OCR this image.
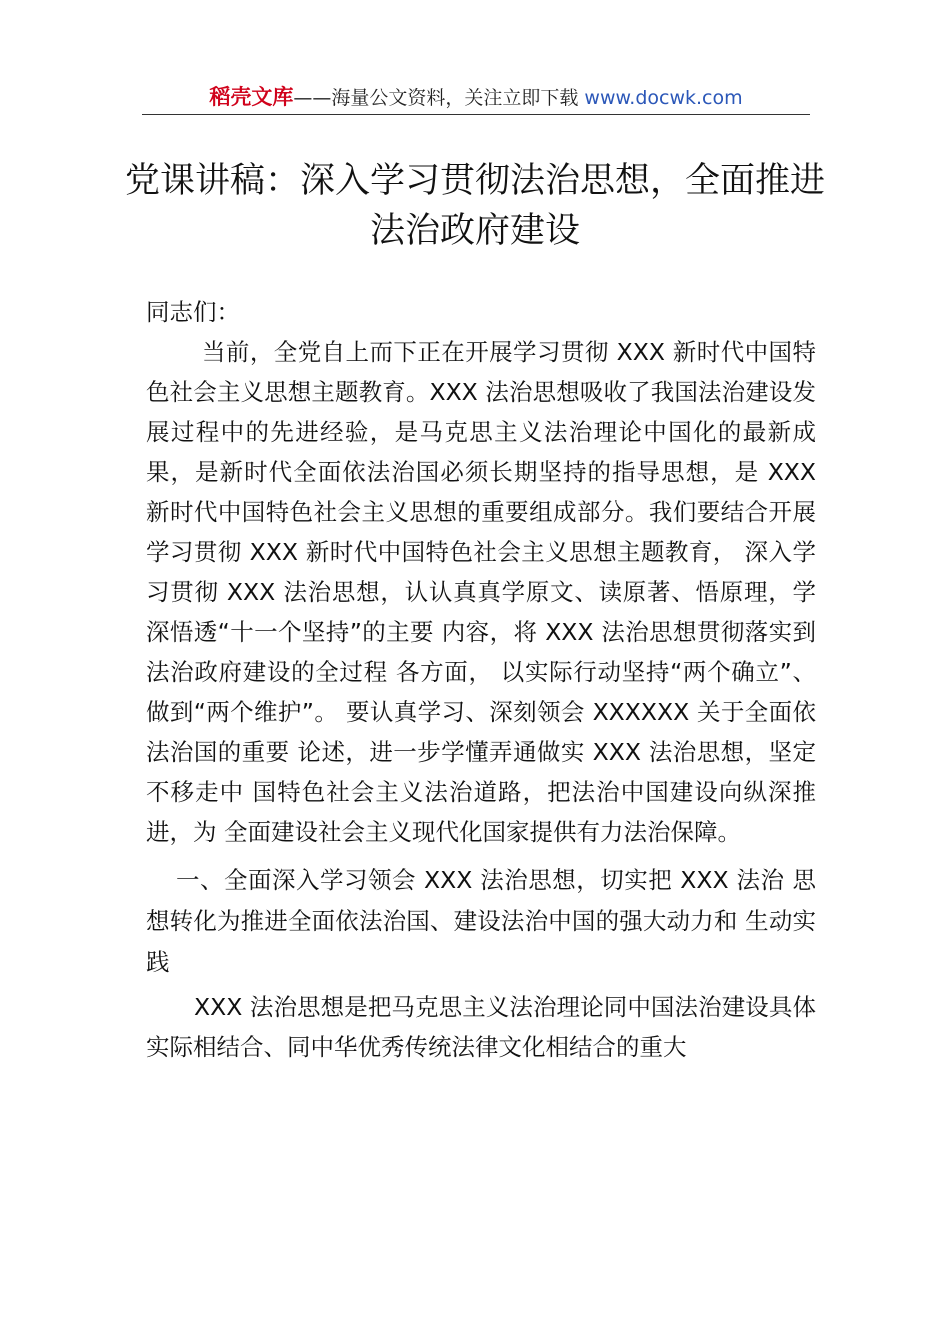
稻壳文库——海量公文资料，关注立即下载 www.docwk.com
党课讲稿：深入学习贯彻法治思想，全面推进法治政府建设

同志们：

当前，全党自上而下正在开展学习贯彻 XXX 新时代中国特色社会主义思想主题教育。XXX 法治思想吸收了我国法治建设发展过程中的先进经验，是马克思主义法治理论中国化的最新成果，是新时代全面依法治国必须长期坚持的指导思想，是 XXX 新时代中国特色社会主义思想的重要组成部分。我们要结合开展学习贯彻 XXX 新时代中国特色社会主义思想主题教育， 深入学习贯彻 XXX 法治思想，认认真真学原文、读原著、悟原理，学深悟透“十一个坚持”的主要 内容，将 XXX 法治思想贯彻落实到法治政府建设的全过程 各方面， 以实际行动坚持“两个确立”、做到“两个维护”。 要认真学习、深刻领会 XXXXXX 关于全面依法治国的重要 论述，进一步学懂弄通做实 XXX 法治思想，坚定不移走中 国特色社会主义法治道路，把法治中国建设向纵深推进，为 全面建设社会主义现代化国家提供有力法治保障。

一、全面深入学习领会 XXX 法治思想，切实把 XXX 法治 思想转化为推进全面依法治国、建设法治中国的强大动力和 生动实践

XXX 法治思想是把马克思主义法治理论同中国法治建设具体实际相结合、同中华优秀传统法律文化相结合的重大
